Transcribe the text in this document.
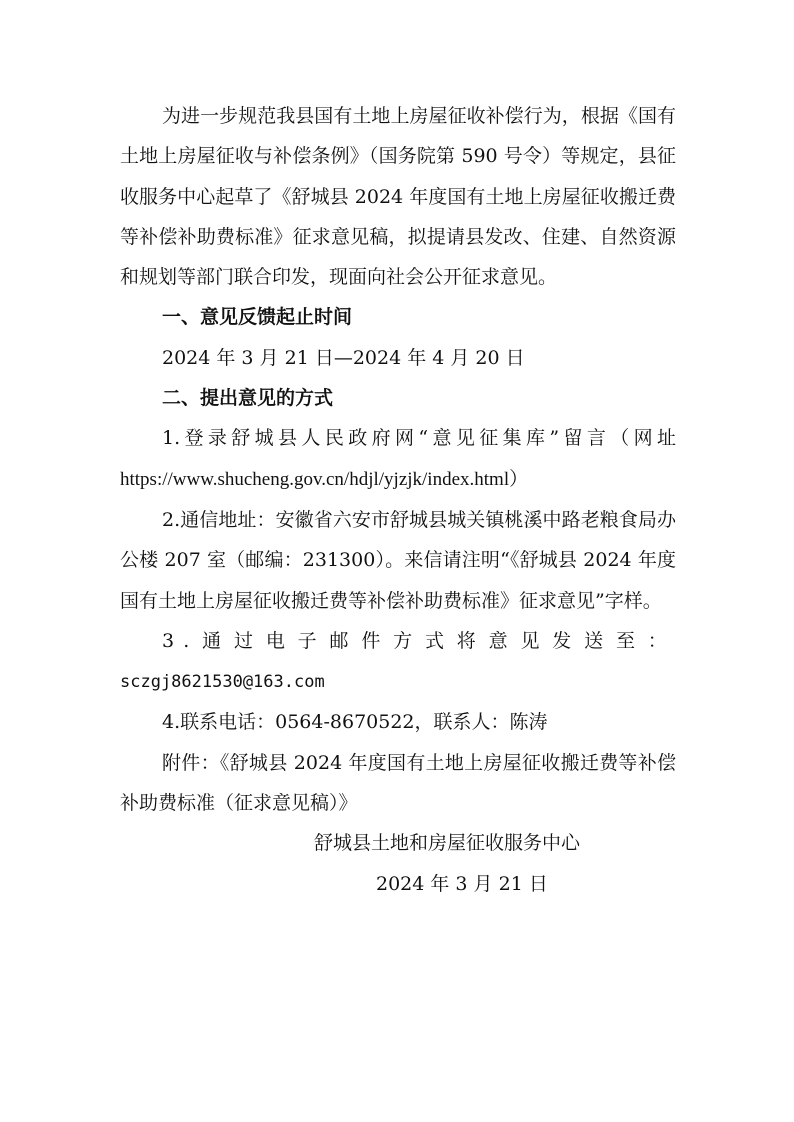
为进一步规范我县国有土地上房屋征收补偿行为，根据《国有土地上房屋征收与补偿条例》（国务院第 590 号令）等规定，县征收服务中心起草了《舒城县 2024 年度国有土地上房屋征收搬迁费等补偿补助费标准》征求意见稿，拟提请县发改、住建、自然资源和规划等部门联合印发，现面向社会公开征求意见。

一、意见反馈起止时间

2024 年 3 月 21 日—2024 年 4 月 20 日

二、提出意见的方式

1.登录舒城县人民政府网“意见征集库”留言（网址https://www.shucheng.gov.cn/hdjl/yjzjk/index.html）

2.通信地址：安徽省六安市舒城县城关镇桃溪中路老粮食局办公楼 207 室（邮编：231300）。来信请注明“《舒城县 2024 年度国有土地上房屋征收搬迁费等补偿补助费标准》征求意见”字样。

3.通过电子邮件方式将意见发送至：sczgj8621530@163.com

4.联系电话：0564-8670522，联系人：陈涛

附件：《舒城县 2024 年度国有土地上房屋征收搬迁费等补偿补助费标准（征求意见稿）》

舒城县土地和房屋征收服务中心

2024 年 3 月 21 日
